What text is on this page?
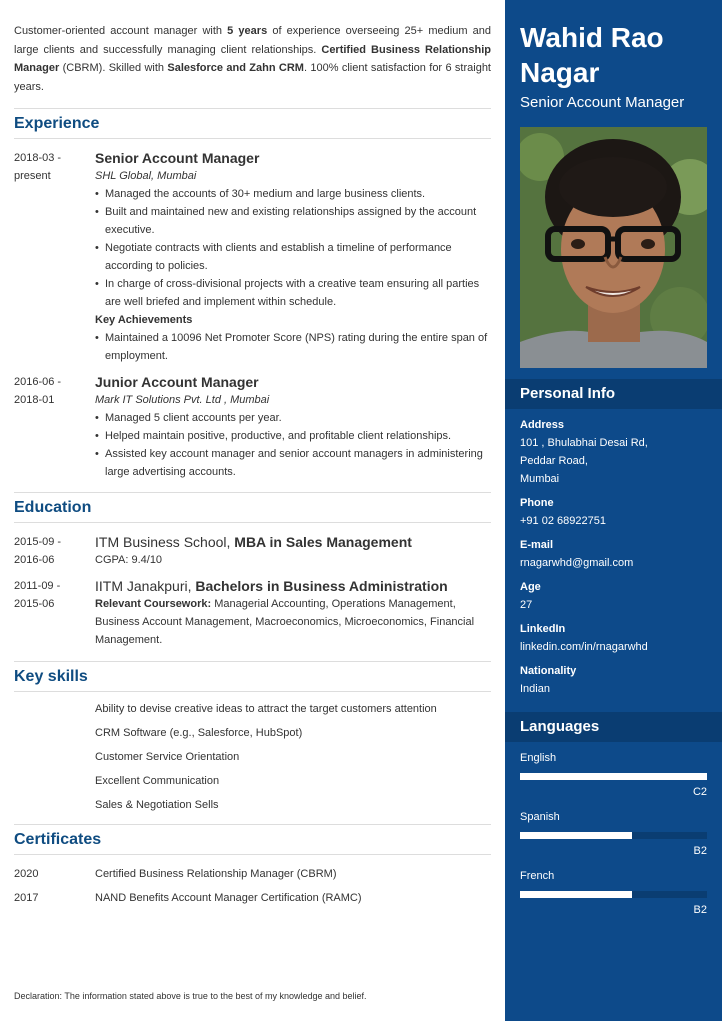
Customer-oriented account manager with 5 years of experience overseeing 25+ medium and large clients and successfully managing client relationships. Certified Business Relationship Manager (CBRM). Skilled with Salesforce and Zahn CRM. 100% client satisfaction for 6 straight years.

Experience
2018-03 -
present
Senior Account Manager
SHL Global, Mumbai
• Managed the accounts of 30+ medium and large business clients.
• Built and maintained new and existing relationships assigned by the account executive.
• Negotiate contracts with clients and establish a timeline of performance according to policies.
• In charge of cross-divisional projects with a creative team ensuring all parties are well briefed and implement within schedule.
Key Achievements
• Maintained a 10096 Net Promoter Score (NPS) rating during the entire span of employment.
2016-06 -
2018-01
Junior Account Manager
Mark IT Solutions Pvt. Ltd , Mumbai
• Managed 5 client accounts per year.
• Helped maintain positive, productive, and profitable client relationships.
• Assisted key account manager and senior account managers in administering large advertising accounts.
Education
2015-09 -
2016-06
ITM Business School, MBA in Sales Management
CGPA: 9.4/10
2011-09 -
2015-06
IITM Janakpuri, Bachelors in Business Administration
Relevant Coursework: Managerial Accounting, Operations Management, Business Account Management, Macroeconomics, Microeconomics, Financial Management.
Key skills
Ability to devise creative ideas to attract the target customers attention
CRM Software (e.g., Salesforce, HubSpot)
Customer Service Orientation
Excellent Communication
Sales & Negotiation Sells
Certificates
2020	Certified Business Relationship Manager (CBRM)
2017	NAND Benefits Account Manager Certification (RAMC)
Declaration: The information stated above is true to the best of my knowledge and belief.
Wahid Rao Nagar
Senior Account Manager
Personal Info
Address
101 , Bhulabhai Desai Rd,
Peddar Road,
Mumbai
Phone
+91 02 68922751
E-mail
rnagarwhd@gmail.com
Age
27
LinkedIn
linkedin.com/in/rnagarwhd
Nationality
Indian
Languages
English
C2
Spanish
B2
French
B2
